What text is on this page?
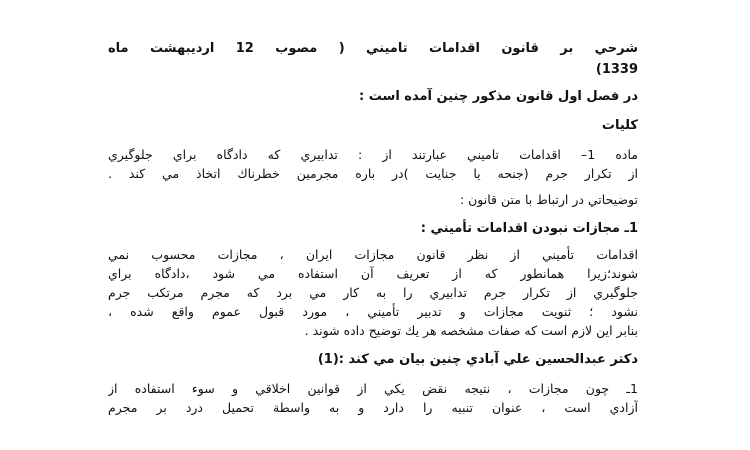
شرحي بر قانون اقدامات تاميني ( مصوب 12 ارديبهشت ماه
1339)
در فصل اول قانون مذكور چنين آمده است :
كليات
ماده 1– اقدامات تاميني عبارتند از : تدابيري كه دادگاه براي جلوگيري
از تكرار جرم (جنحه يا جنايت )در باره مجرمين خطرناك اتخاذ مي كند .
توضيحاتي در ارتباط با متن قانون :
1ـ مجازات نبودن اقدامات تأميني :
اقدامات تأميني از نظر قانون مجازات ايران ، مجازات محسوب نمي
شوند؛زيرا همانطور كه از تعريف آن استفاده مي شود ،دادگاه براي
جلوگيري از تكرار جرم تدابيري را به كار مي برد كه مجرم مرتكب جرم
نشود ؛ ثنويت مجازات و تدبير تأميني ، مورد قبول عموم واقع شده ،
بنابر اين لازم است كه صفات مشخصه هر يك توضيح داده شوند .
دكتر عبدالحسين علي آبادي چنين بيان مي كند :(1)
1ـ چون مجازات ، نتيجه نقض يكي از قوانين اخلاقي و سوء استفاده از
آزادي است ، عنوان تنبيه را دارد و به واسطة تحميل درد بر مجرم
